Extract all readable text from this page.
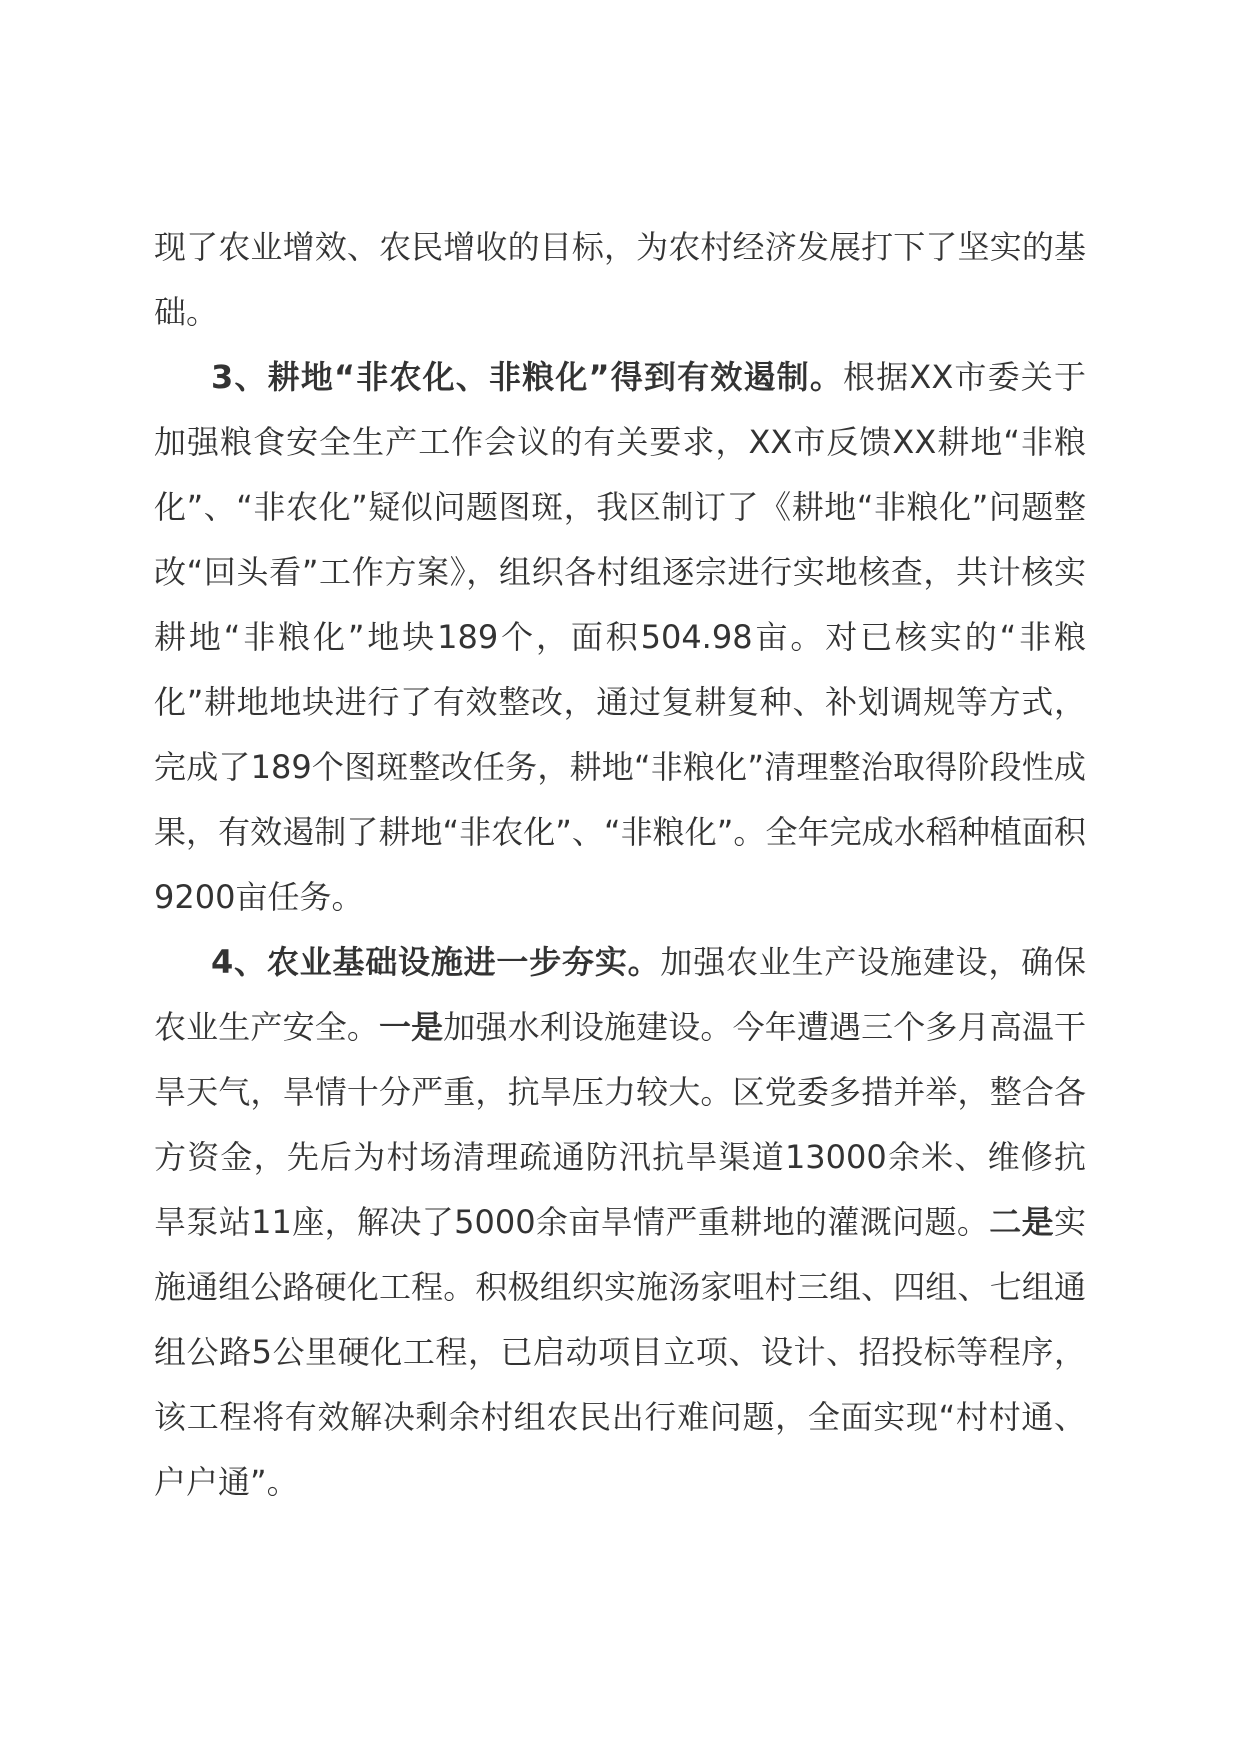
现了农业增效、农民增收的目标，为农村经济发展打下了坚实的基础。

3、耕地“非农化、非粮化”得到有效遏制。根据XX市委关于加强粮食安全生产工作会议的有关要求，XX市反馈XX耕地“非粮化”、“非农化”疑似问题图斑，我区制订了《耕地“非粮化”问题整改“回头看”工作方案》，组织各村组逐宗进行实地核查，共计核实耕地“非粮化”地块189个，面积504.98亩。对已核实的“非粮化”耕地地块进行了有效整改，通过复耕复种、补划调规等方式，完成了189个图斑整改任务，耕地“非粮化”清理整治取得阶段性成果，有效遏制了耕地“非农化”、“非粮化”。全年完成水稻种植面积9200亩任务。

4、农业基础设施进一步夯实。加强农业生产设施建设，确保农业生产安全。一是加强水利设施建设。今年遭遇三个多月高温干旱天气，旱情十分严重，抗旱压力较大。区党委多措并举，整合各方资金，先后为村场清理疏通防汛抗旱渠道13000余米、维修抗旱泵站11座，解决了5000余亩旱情严重耕地的灌溉问题。二是实施通组公路硬化工程。积极组织实施汤家咀村三组、四组、七组通组公路5公里硬化工程，已启动项目立项、设计、招投标等程序，该工程将有效解决剩余村组农民出行难问题，全面实现“村村通、户户通”。
